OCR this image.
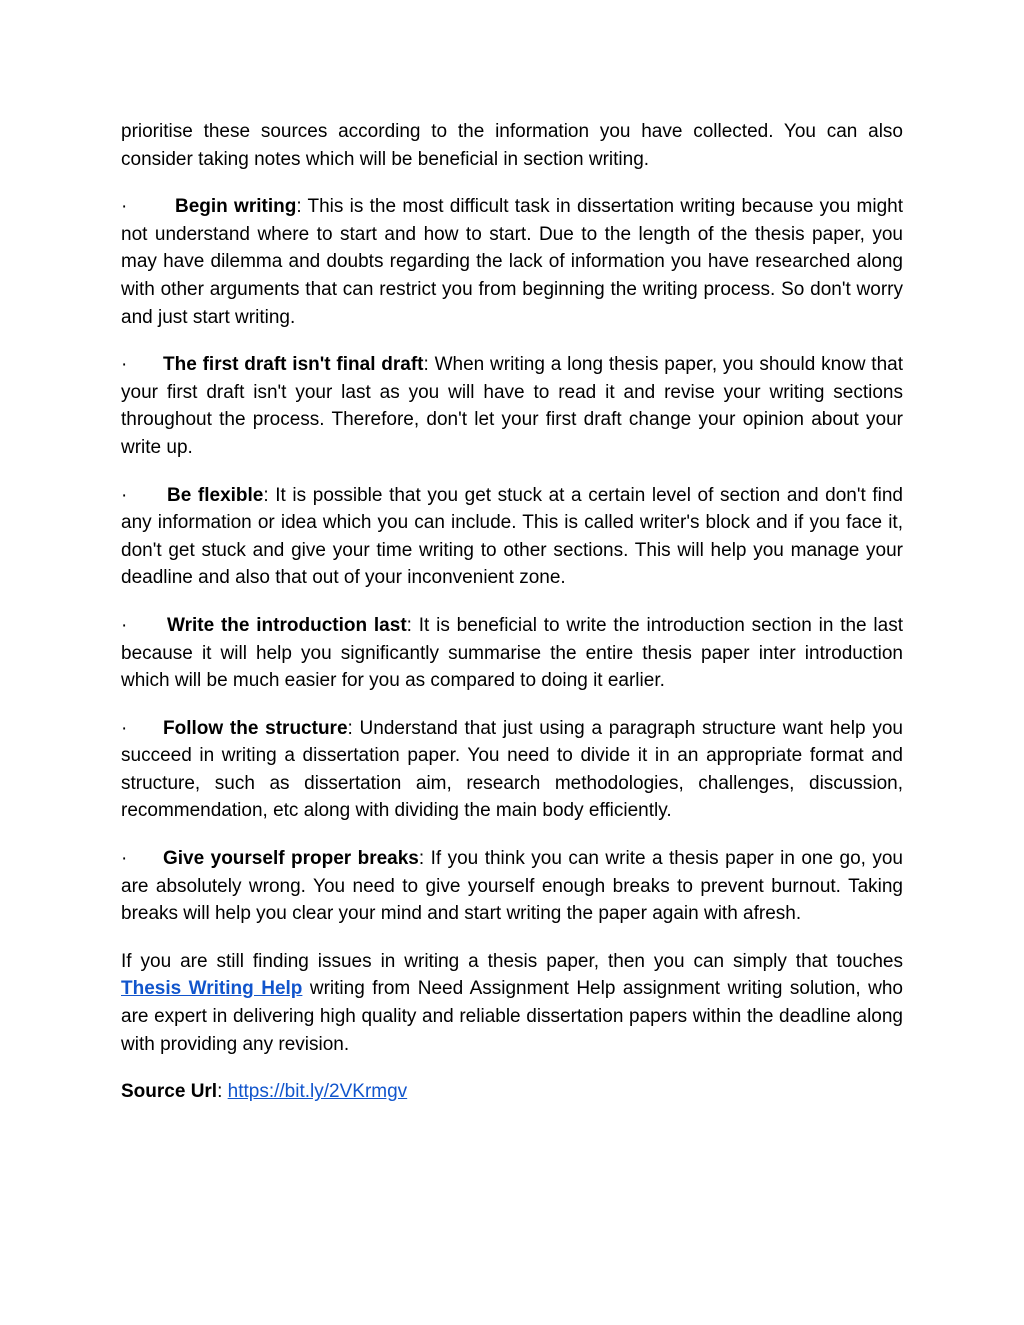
prioritise these sources according to the information you have collected. You can also consider taking notes which will be beneficial in section writing.

·	Begin writing: This is the most difficult task in dissertation writing because you might not understand where to start and how to start. Due to the length of the thesis paper, you may have dilemma and doubts regarding the lack of information you have researched along with other arguments that can restrict you from beginning the writing process. So don't worry and just start writing.

· The first draft isn't final draft: When writing a long thesis paper, you should know that your first draft isn't your last as you will have to read it and revise your writing sections throughout the process. Therefore, don't let your first draft change your opinion about your write up.

· Be flexible: It is possible that you get stuck at a certain level of section and don't find any information or idea which you can include. This is called writer's block and if you face it, don't get stuck and give your time writing to other sections. This will help you manage your deadline and also that out of your inconvenient zone.

· Write the introduction last: It is beneficial to write the introduction section in the last because it will help you significantly summarise the entire thesis paper inter introduction which will be much easier for you as compared to doing it earlier.

· Follow the structure: Understand that just using a paragraph structure want help you succeed in writing a dissertation paper. You need to divide it in an appropriate format and structure, such as dissertation aim, research methodologies, challenges, discussion, recommendation, etc along with dividing the main body efficiently.

· Give yourself proper breaks: If you think you can write a thesis paper in one go, you are absolutely wrong. You need to give yourself enough breaks to prevent burnout. Taking breaks will help you clear your mind and start writing the paper again with afresh.

If you are still finding issues in writing a thesis paper, then you can simply that touches Thesis Writing Help writing from Need Assignment Help assignment writing solution, who are expert in delivering high quality and reliable dissertation papers within the deadline along with providing any revision.

Source Url: https://bit.ly/2VKrmgv
